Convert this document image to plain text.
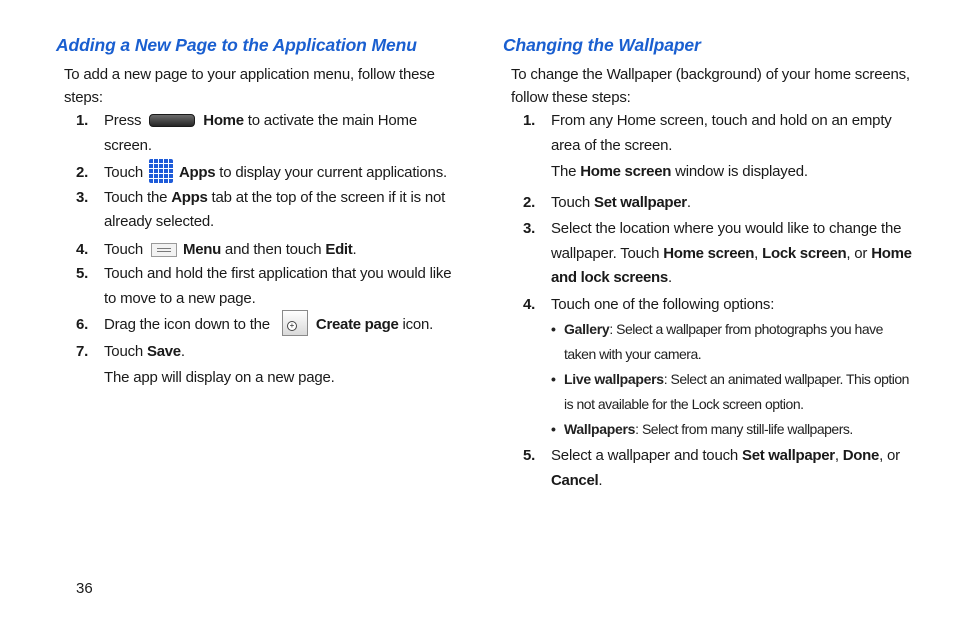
Adding a New Page to the Application Menu

To add a new page to your application menu, follow these steps:

1. Press	Home to activate the main Home screen.
2. Touch Apps to display your current applications.
3. Touch the Apps tab at the top of the screen if it is not already selected.
4. Touch	Menu and then touch Edit.
5. Touch and hold the first application that you would like to move to a new page.
6. Drag the icon down to the	+ Create page icon.
7. Touch Save.

The app will display on a new page.

Changing the Wallpaper

To change the Wallpaper (background) of your home screens, follow these steps:

1. From any Home screen, touch and hold on an empty area of the screen.

The Home screen window is displayed.

2. Touch Set wallpaper.
3. Select the location where you would like to change the wallpaper. Touch Home screen, Lock screen, or Home and lock screens.
4. Touch one of the following options:
• Gallery: Select a wallpaper from photographs you have taken with your camera.
• Live wallpapers: Select an animated wallpaper. This option is not available for the Lock screen option.
• Wallpapers: Select from many still-life wallpapers.
5. Select a wallpaper and touch Set wallpaper, Done, or Cancel.
36
